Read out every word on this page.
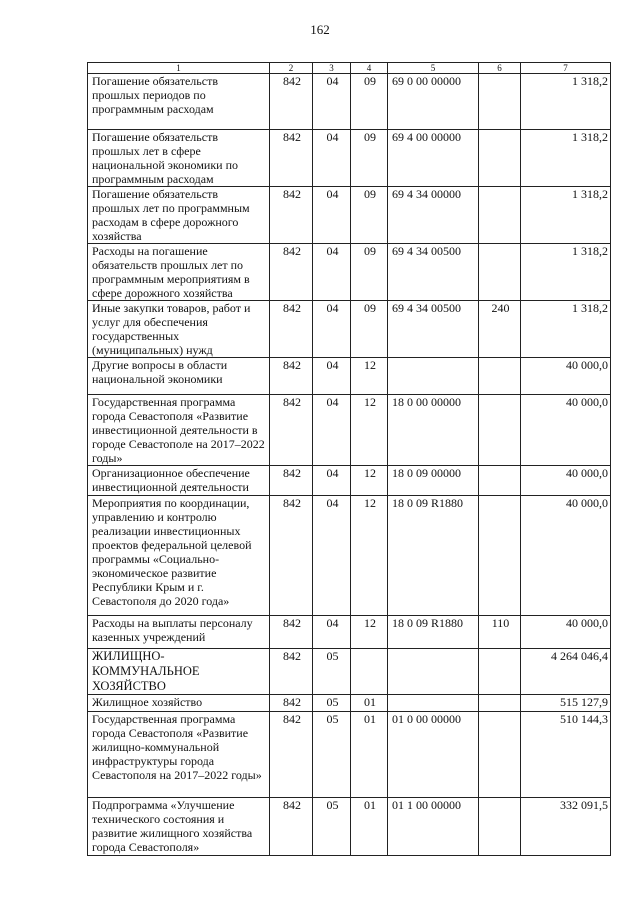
162
1	2	3	4	5	6	7
Погашение обязательств прошлых периодов по программным расходам	842	04	09	69 0 00 00000		1 318,2
Погашение обязательств прошлых лет в сфере национальной экономики по программным расходам	842	04	09	69 4 00 00000		1 318,2
Погашение обязательств прошлых лет по программным расходам в сфере дорожного хозяйства	842	04	09	69 4 34 00000		1 318,2
Расходы на погашение обязательств прошлых лет по программным мероприятиям в сфере дорожного хозяйства	842	04	09	69 4 34 00500		1 318,2
Иные закупки товаров, работ и услуг для обеспечения государственных (муниципальных) нужд	842	04	09	69 4 34 00500	240	1 318,2
Другие вопросы в области национальной экономики	842	04	12			40 000,0
Государственная программа города Севастополя «Развитие инвестиционной деятельности в городе Севастополе на 2017–2022 годы»	842	04	12	18 0 00 00000		40 000,0
Организационное обеспечение инвестиционной деятельности	842	04	12	18 0 09 00000		40 000,0
Мероприятия по координации, управлению и контролю реализации инвестиционных проектов федеральной целевой программы «Социально-экономическое развитие Республики Крым и г. Севастополя до 2020 года»	842	04	12	18 0 09 R1880		40 000,0
Расходы на выплаты персоналу казенных учреждений	842	04	12	18 0 09 R1880	110	40 000,0
ЖИЛИЩНО-КОММУНАЛЬНОЕ ХОЗЯЙСТВО	842	05				4 264 046,4
Жилищное хозяйство	842	05	01			515 127,9
Государственная программа города Севастополя «Развитие жилищно-коммунальной инфраструктуры города Севастополя на 2017–2022 годы»	842	05	01	01 0 00 00000		510 144,3
Подпрограмма «Улучшение технического состояния и развитие жилищного хозяйства города Севастополя»	842	05	01	01 1 00 00000		332 091,5
